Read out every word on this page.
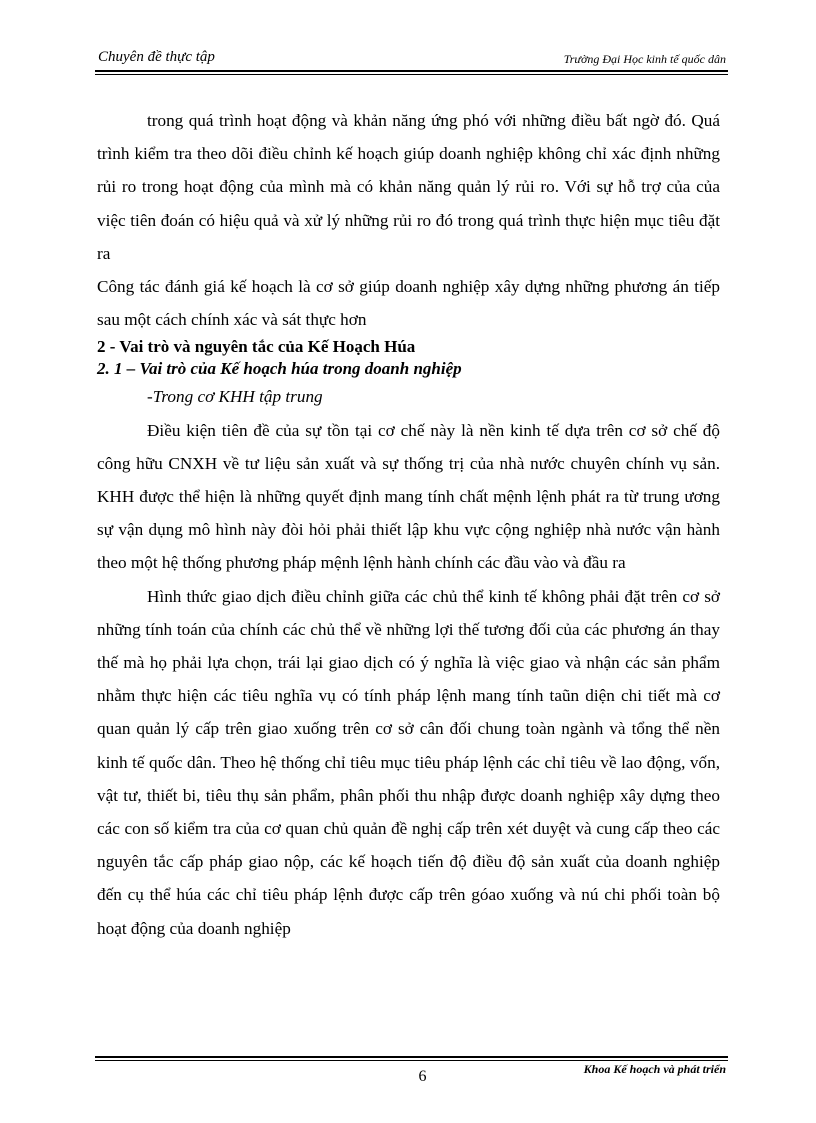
Chuyên đề thực tập	Trường Đại Học kinh tế quốc dân

trong quá trình hoạt động và khản năng ứng phó với những điều bất ngờ đó. Quá trình kiểm tra theo dõi điều chỉnh kế hoạch giúp doanh nghiệp không chỉ xác định những rủi ro trong hoạt động của mình mà có khản năng quản lý rủi ro. Với sự hỗ trợ của của việc tiên đoán có hiệu quả và xử lý những rủi ro đó trong quá trình thực hiện mục tiêu đặt ra

Công tác đánh giá kế hoạch là cơ sở giúp doanh nghiệp xây dựng những phương án tiếp sau một cách chính xác và sát thực hơn

2 - Vai trò và nguyên tắc của Kế Hoạch Húa

2. 1 – Vai trò của Kế hoạch húa trong doanh nghiệp

-Trong cơ KHH tập trung

Điều kiện tiên đề của sự tồn tại cơ chế này là nền kinh tế dựa trên cơ sở chế độ công hữu CNXH về tư liệu sản xuất và sự thống trị của nhà nước chuyên chính vụ sản. KHH được thể hiện là những quyết định mang tính chất mệnh lệnh phát ra từ trung ương sự vận dụng mô hình này đòi hỏi phải thiết lập khu vực cộng nghiệp nhà nước vận hành theo một hệ thống phương pháp mệnh lệnh hành chính các đầu vào và đầu ra

Hình thức giao dịch điều chỉnh giữa các chủ thể kinh tế không phải đặt trên cơ sở những tính toán của chính các chủ thể về những lợi thế tương đối của các phương án thay thế mà họ phải lựa chọn, trái lại giao dịch có ý nghĩa là việc giao và nhận các sản phẩm nhằm thực hiện các tiêu nghĩa vụ có tính pháp lệnh mang tính taũn diện chi tiết mà cơ quan quản lý cấp trên giao xuống trên cơ sở cân đối chung toàn ngành và tổng thể nền kinh tế quốc dân. Theo hệ thống chỉ tiêu mục tiêu pháp lệnh các chỉ tiêu về lao động, vốn, vật tư, thiết bi, tiêu thụ sản phẩm, phân phối thu nhập được doanh nghiệp xây dựng theo các con số kiểm tra của cơ quan chủ quản đề nghị cấp trên xét duyệt và cung cấp theo các nguyên tắc cấp pháp giao nộp, các kế hoạch tiến độ điều độ sản xuất của doanh nghiệp đến cụ thể húa các chỉ tiêu pháp lệnh được cấp trên góao xuống và nú chi phối toàn bộ hoạt động của doanh nghiệp

Khoa Kế hoạch và phát triển
6
